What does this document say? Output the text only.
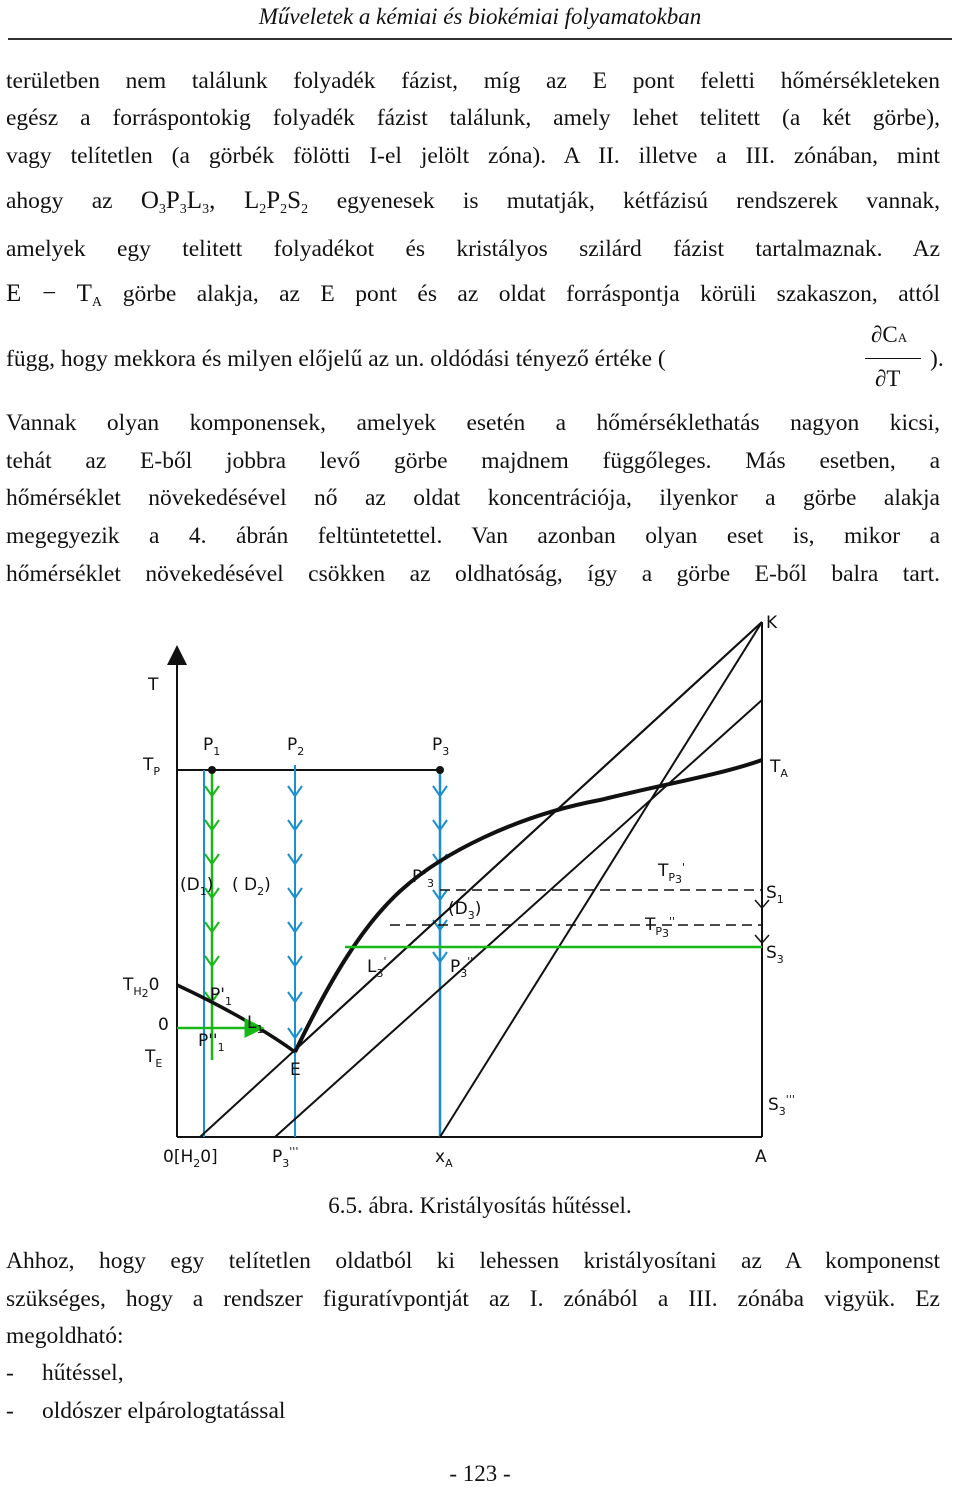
Műveletek a kémiai és biokémiai folyamatokban
területben nem találunk folyadék fázist, míg az E pont feletti hőmérsékleteken
egész a forráspontokig folyadék fázist találunk, amely lehet telitett (a két görbe),
vagy telítetlen (a görbék fölötti I-el jelölt zóna). A II. illetve a III. zónában, mint
ahogy az $O_3P_3L_3$, $L_2P_2S_2$ egyenesek is mutatják, kétfázisú rendszerek vannak,
amelyek egy telitett folyadékot és kristályos szilárd fázist tartalmaznak. Az
$E - T_A$ görbe alakja, az E pont és az oldat forráspontja körüli szakaszon, attól
függ, hogy mekkora és milyen előjelű az un. oldódási tényező értéke (
∂CA
∂T
).
Vannak olyan komponensek, amelyek esetén a hőmérséklethatás nagyon kicsi,
tehát az E-ből jobbra levő görbe majdnem függőleges. Más esetben, a
hőmérséklet növekedésével nő az oldat koncentrációja, ilyenkor a görbe alakja
megegyezik a 4. ábrán feltüntetettel. Van azonban olyan eset is, mikor a
hőmérséklet növekedésével csökken az oldhatóság, így a görbe E-ből balra tart.
T
$T_P$
$P_1$	$P_2$	$P_3$
K
$T_A$
$(D_1)$ ( $D_2$)	$P'_3$
$(D_3)$
$T_P3'$
$T_P3''$
$S_1$
$S_3$
$L_3'$	$P_3''$
$T_H20$	$P'_1$
$L_1$
0
$T_E$
$P''_1$
E
$S_3'''$
$0[H_20]$	$P_3'''$	$x_A$	A
6.5. ábra. Kristályosítás hűtéssel.
Ahhoz, hogy egy telítetlen oldatból ki lehessen kristályosítani az A komponenst
szükséges, hogy a rendszer figuratívpontját az I. zónából a III. zónába vigyük. Ez
megoldható:
- hűtéssel,
- oldószer elpárologtatással
- 123 -
